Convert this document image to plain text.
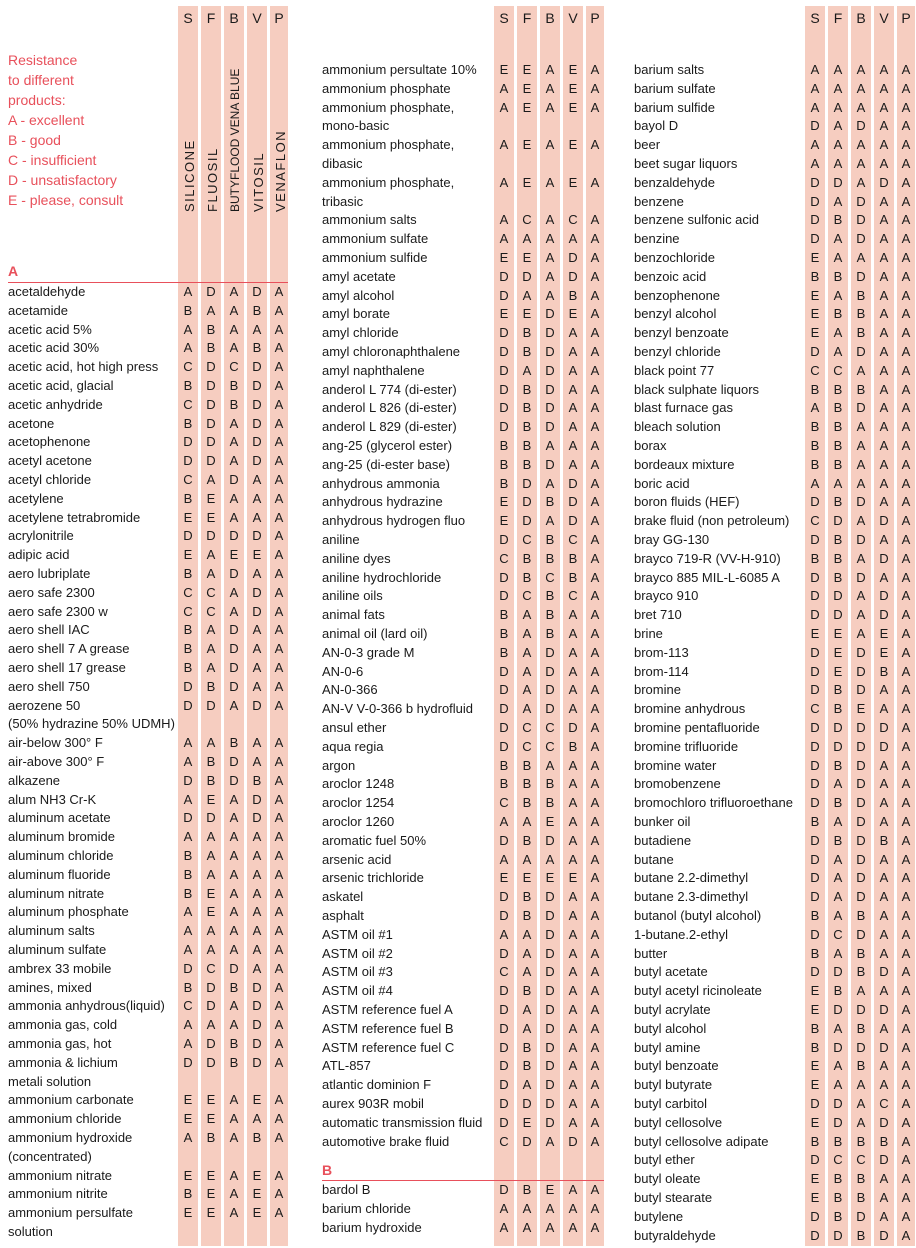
S	F	B V P
SILICONE FLUOSIL BUTYFLOOD VENA BLUE VITOSIL VENAFLON
Resistance
to different
products:
A - excellent
B - good
C - insufficient
D - unsatisfactory
E - please, consult
A
acetaldehyde	A	D	A	D A
acetamide	B	A	A	B	A
acetic acid 5%	A	B	A	A	A
acetic acid 30%	A	B	A	B	A
acetic acid, hot high press	C	D	C	D A
acetic acid, glacial	B	D	B	D A
acetic anhydride	C	D	B	D A
acetone	B	D	A	D A
acetophenone	D	D	A	D A
acetyl acetone	D	D	A	D A
acetyl chloride	C	A	D	A	A
acetylene	B	E	A	A	A
acetylene tetrabromide	E	E	A	A	A
acrylonitrile	D	D	D	D A
adipic acid	E	A	E	E	A
aero lubriplate	B	A	D	A	A
aero safe 2300	C	C	A	D A
aero safe 2300 w	C	C	A	D A
aero shell IAC	B	A	D	A	A
aero shell 7 A grease	B	A	D	A	A
aero shell 17 grease	B	A	D	A	A
aero shell 750	D	B	D	A	A
aerozene 50	D	D	A	D A
(50% hydrazine 50% UDMH)
air-below 300° F	A	A	B	A	A
air-above 300° F	A	B	D	A	A
alkazene	D	B	D	B	A
alum NH3 Cr-K	A	E	A	D A
aluminum acetate	D	D	A	D A
aluminum bromide	A	A	A	A	A
aluminum chloride	B	A	A	A	A
aluminum fluoride	B	A	A	A	A
aluminum nitrate	B	E	A	A	A
aluminum phosphate	A	E	A	A	A
aluminum salts	A	A	A	A	A
aluminum sulfate	A	A	A	A	A
ambrex 33 mobile	D	C	D	A	A
amines, mixed	B	D	B	D A
ammonia anhydrous(liquid)	C	D	A	D A
ammonia gas, cold	A	A	A	D A
ammonia gas, hot	A	D	B	D A
ammonia & lichium	D	D	B	D A
metali solution
ammonium carbonate	E	E	A	E	A
ammonium chloride	E	E	A	A	A
ammonium hydroxide	A	B	A	B	A
(concentrated)
ammonium nitrate	E	E	A	E	A
ammonium nitrite	B	E	A	E	A
ammonium persulfate	E	E	A	E	A
solution
S	F	B V P
ammonium persultate 10%	E	E	A	E	A
ammonium phosphate	A	E	A	E	A
ammonium phosphate,	A	E	A	E	A
mono-basic
ammonium phosphate,	A	E	A	E	A
dibasic
ammonium phosphate,	A	E	A	E	A
tribasic
ammonium salts	A	C	A	C A
ammonium sulfate	A	A	A	A	A
ammonium sulfide	E	E	A	D A
amyl acetate	D	D	A	D A
amyl alcohol	D	A	A	B	A
amyl borate	E	E	D	E	A
amyl chloride	D	B	D	A	A
amyl chloronaphthalene	D	B	D	A	A
amyl naphthalene	D	A	D	A	A
anderol L 774 (di-ester)	D	B	D	A	A
anderol L 826 (di-ester)	D	B	D	A	A
anderol L 829 (di-ester)	D	B	D	A	A
ang-25 (glycerol ester)	B	B	A	A	A
ang-25 (di-ester base)	B	B	D	A	A
anhydrous ammonia	B	D	A	D A
anhydrous hydrazine	E	D	B	D A
anhydrous hydrogen fluo	E	D	A	D A
aniline	D	C	B	C A
aniline dyes	C	B	B	B	A
aniline hydrochloride	D	B	C	B	A
aniline oils	D	C	B	C A
animal fats	B	A	B	A	A
animal oil (lard oil)	B	A	B	A	A
AN-0-3 grade M	B	A	D	A	A
AN-0-6	D	A	D	A	A
AN-0-366	D	A	D	A	A
AN-V V-0-366 b hydrofluid	D	A	D	A	A
ansul ether	D	C	C	D A
aqua regia	D	C	C	B	A
argon	B	B	A	A	A
aroclor 1248	B	B	B	A	A
aroclor 1254	C	B	B	A	A
aroclor 1260	A	A	E	A	A
aromatic fuel 50%	D	B	D	A	A
arsenic acid	A	A	A	A	A
arsenic trichloride	E	E	E	E	A
askatel	D	B	D	A	A
asphalt	D	B	D	A	A
ASTM oil #1	A	A	D	A	A
ASTM oil #2	D	A	D	A	A
ASTM oil #3	C	A	D	A	A
ASTM oil #4	D	B	D	A	A
ASTM reference fuel A	D	A	D	A	A
ASTM reference fuel B	D	A	D	A	A
ASTM reference fuel C	D	B	D	A	A
ATL-857	D	B	D	A	A
atlantic dominion F	D	A	D	A	A
aurex 903R mobil	D	D	D	A	A
automatic transmission fluid	D	E	D	A	A
automotive brake fluid	C	D	A	D A
B
bardol B	D	B	E	A	A
barium chloride	A	A	A	A	A
barium hydroxide	A	A	A	A	A
S	F	B V P
barium salts	A	A	A	A	A
barium sulfate	A	A	A	A	A
barium sulfide	A	A	A	A	A
bayol D	D	A	D	A	A
beer	A	A	A	A	A
beet sugar liquors	A	A	A	A	A
benzaldehyde	D	D	A	D A
benzene	D	A	D	A	A
benzene sulfonic acid	D	B	D	A	A
benzine	D	A	D	A	A
benzochloride	E	A	A	A	A
benzoic acid	B	B	D	A	A
benzophenone	E	A	B	A	A
benzyl alcohol	E	B	B	A	A
benzyl benzoate	E	A	B	A	A
benzyl chloride	D	A	D	A	A
black point 77	C	C	A	A	A
black sulphate liquors	B	B	B	A	A
blast furnace gas	A	B	D	A	A
bleach solution	B	B	A	A	A
borax	B	B	A	A	A
bordeaux mixture	B	B	A	A	A
boric acid	A	A	A	A	A
boron fluids (HEF)	D	B	D	A	A
brake fluid (non petroleum)	C	D	A	D A
bray GG-130	D	B	D	A	A
brayco 719-R (VV-H-910)	B	B	A	D A
brayco 885 MIL-L-6085 A	D	B	D	A	A
brayco 910	D	D	A	D A
bret 710	D	D	A	D A
brine	E	E	A	E	A
brom-113	D	E	D	E	A
brom-114	D	E	D	B	A
bromine	D	B	D	A	A
bromine anhydrous	C	B	E	A	A
bromine pentafluoride	D	D	D	D A
bromine trifluoride	D	D	D	D A
bromine water	D	B	D	A	A
bromobenzene	D	A	D	A	A
bromochloro trifluoroethane	D	B	D	A	A
bunker oil	B	A	D	A	A
butadiene	D	B	D	B	A
butane	D	A	D	A	A
butane 2.2-dimethyl	D	A	D	A	A
butane 2.3-dimethyl	D	A	D	A	A
butanol (butyl alcohol)	B	A	B	A	A
1-butane.2-ethyl	D	C	D	A	A
butter	B	A	B	A	A
butyl acetate	D	D	B	D A
butyl acetyl ricinoleate	E	B	A	A	A
butyl acrylate	E	D	D	D A
butyl alcohol	B	A	B	A	A
butyl amine	B	D	D	D A
butyl benzoate	E	A	B	A	A
butyl butyrate	E	A	A	A	A
butyl carbitol	D	D	A	C A
butyl cellosolve	E	D	A	D A
butyl cellosolve adipate	B	B	B	B	A
butyl ether	D	C	C	D A
butyl oleate	E	B	B	A	A
butyl stearate	E	B	B	A	A
butylene	D	B	D	A	A
butyraldehyde	D	D	B	D A
